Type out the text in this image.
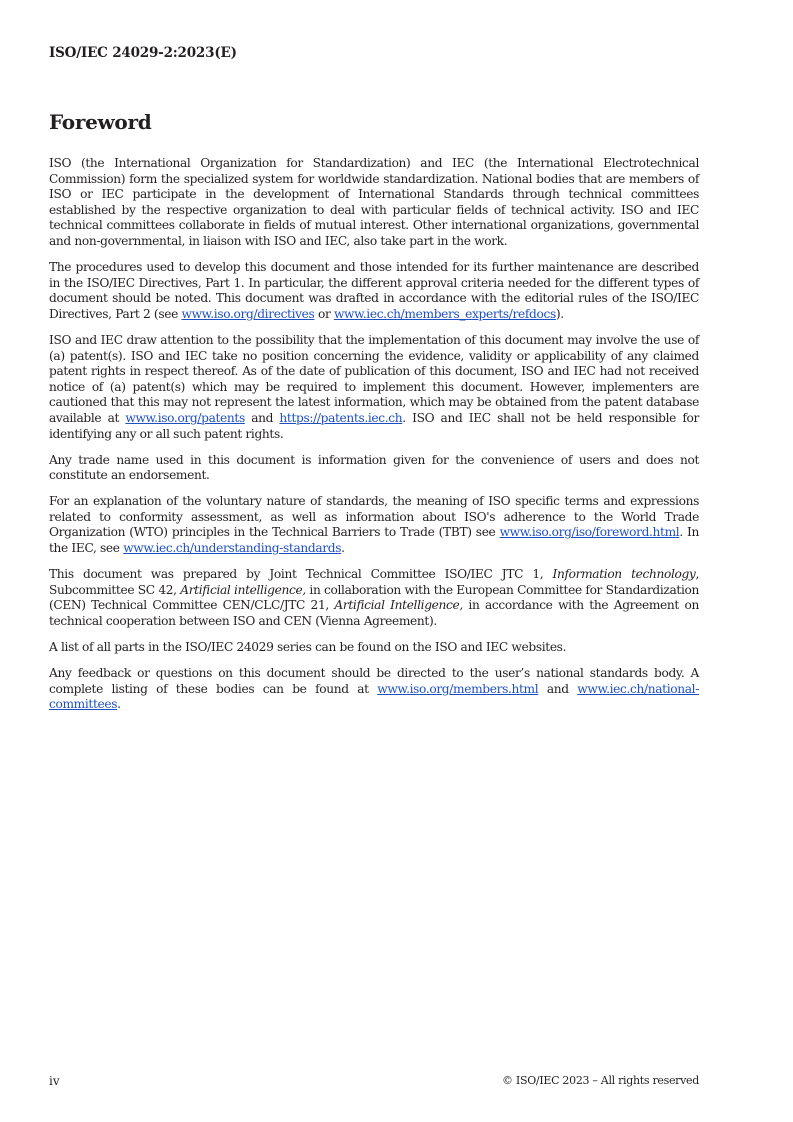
ISO/IEC 24029-2:2023(E)
Foreword

ISO (the International Organization for Standardization) and IEC (the International Electrotechnical Commission) form the specialized system for worldwide standardization. National bodies that are members of ISO or IEC participate in the development of International Standards through technical committees established by the respective organization to deal with particular fields of technical activity. ISO and IEC technical committees collaborate in fields of mutual interest. Other international organizations, governmental and non-governmental, in liaison with ISO and IEC, also take part in the work.

The procedures used to develop this document and those intended for its further maintenance are described in the ISO/IEC Directives, Part 1. In particular, the different approval criteria needed for the different types of document should be noted. This document was drafted in accordance with the editorial rules of the ISO/IEC Directives, Part 2 (see www.iso.org/directives or www.iec.ch/members_experts/refdocs).

ISO and IEC draw attention to the possibility that the implementation of this document may involve the use of (a) patent(s). ISO and IEC take no position concerning the evidence, validity or applicability of any claimed patent rights in respect thereof. As of the date of publication of this document, ISO and IEC had not received notice of (a) patent(s) which may be required to implement this document. However, implementers are cautioned that this may not represent the latest information, which may be obtained from the patent database available at www.iso.org/patents and https://patents.iec.ch. ISO and IEC shall not be held responsible for identifying any or all such patent rights.

Any trade name used in this document is information given for the convenience of users and does not constitute an endorsement.

For an explanation of the voluntary nature of standards, the meaning of ISO specific terms and expressions related to conformity assessment, as well as information about ISO's adherence to the World Trade Organization (WTO) principles in the Technical Barriers to Trade (TBT) see www.iso.org/iso/foreword.html. In the IEC, see www.iec.ch/understanding-standards.

This document was prepared by Joint Technical Committee ISO/IEC JTC 1, Information technology, Subcommittee SC 42, Artificial intelligence, in collaboration with the European Committee for Standardization (CEN) Technical Committee CEN/CLC/JTC 21, Artificial Intelligence, in accordance with the Agreement on technical cooperation between ISO and CEN (Vienna Agreement).

A list of all parts in the ISO/IEC 24029 series can be found on the ISO and IEC websites.

Any feedback or questions on this document should be directed to the user’s national standards body. A complete listing of these bodies can be found at www.iso.org/members.html and www.iec.ch/national-committees.

iv	© ISO/IEC 2023 – All rights reserved
